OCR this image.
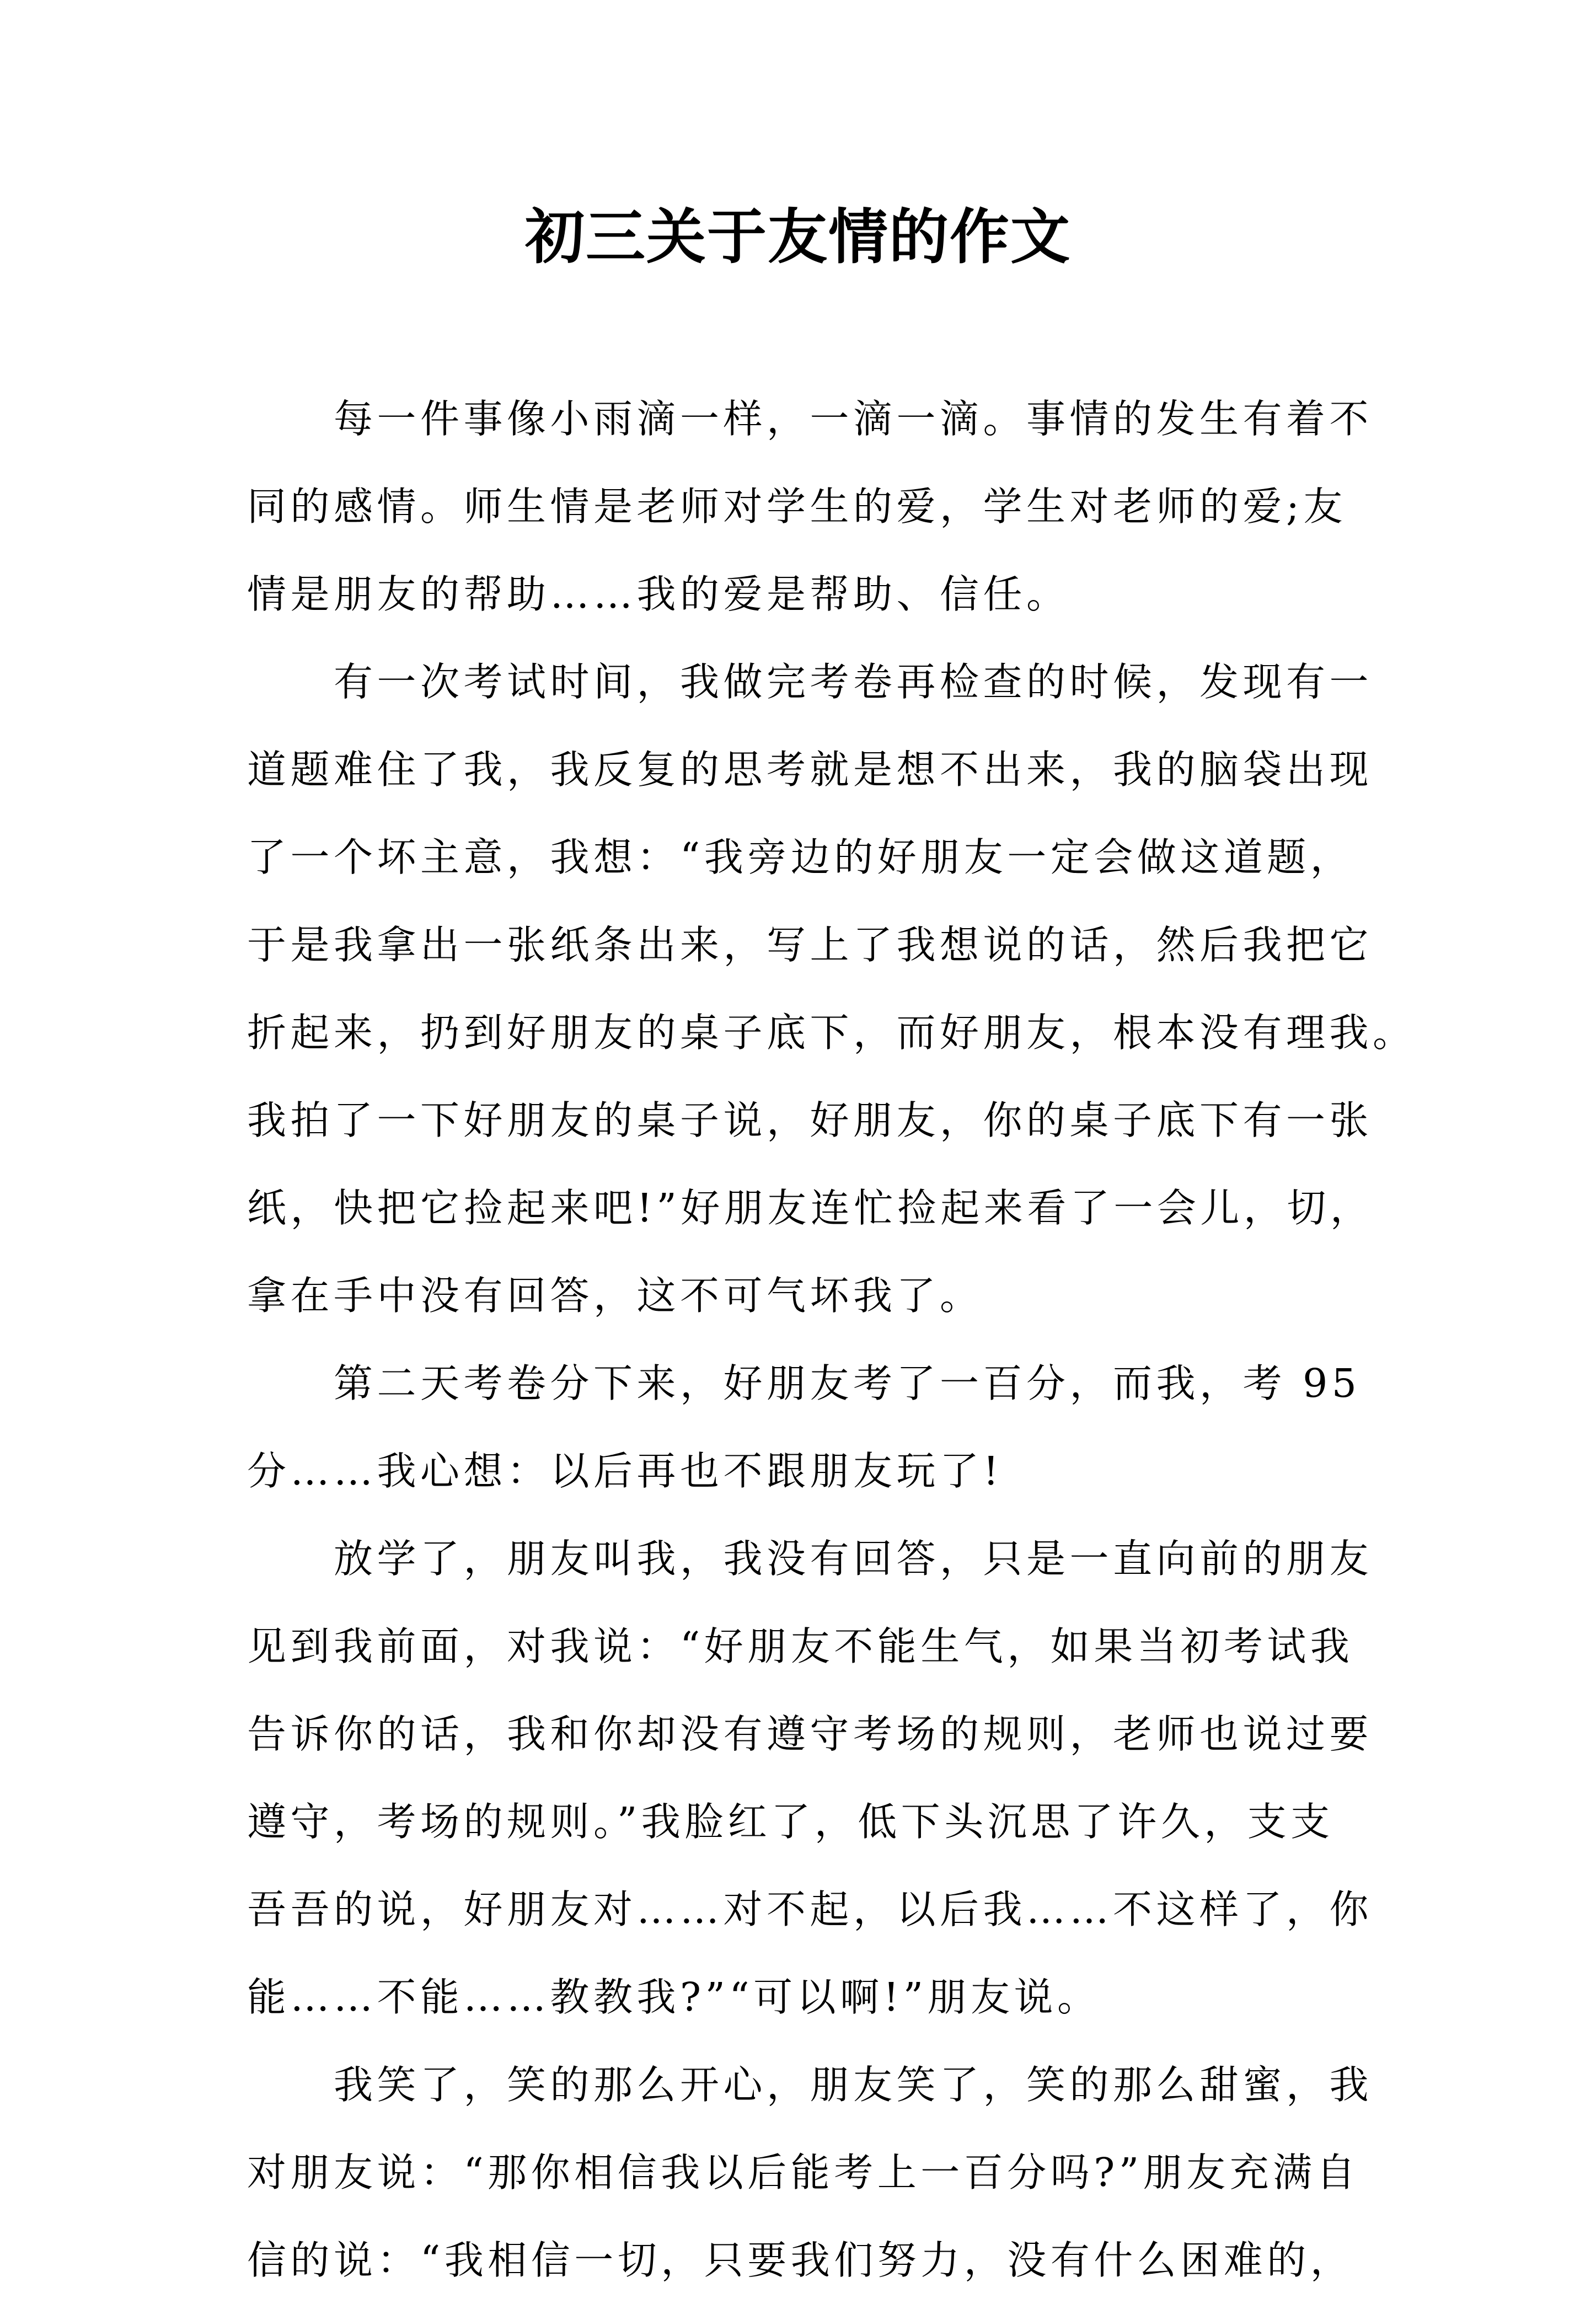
初三关于友情的作文
　　每一件事像小雨滴一样，一滴一滴。事情的发生有着不
同的感情。师生情是老师对学生的爱，学生对老师的爱;友
情是朋友的帮助……我的爱是帮助、信任。
　　有一次考试时间，我做完考卷再检查的时候，发现有一
道题难住了我，我反复的思考就是想不出来，我的脑袋出现
了一个坏主意，我想：“我旁边的好朋友一定会做这道题，
于是我拿出一张纸条出来，写上了我想说的话，然后我把它
折起来，扔到好朋友的桌子底下，而好朋友，根本没有理我。
我拍了一下好朋友的桌子说，好朋友，你的桌子底下有一张
纸，快把它捡起来吧!”好朋友连忙捡起来看了一会儿，切，
拿在手中没有回答，这不可气坏我了。
　　第二天考卷分下来，好朋友考了一百分，而我，考 95
分……我心想：以后再也不跟朋友玩了!
　　放学了，朋友叫我，我没有回答，只是一直向前的朋友
见到我前面，对我说：“好朋友不能生气，如果当初考试我
告诉你的话，我和你却没有遵守考场的规则，老师也说过要
遵守，考场的规则。”我脸红了，低下头沉思了许久，支支
吾吾的说，好朋友对……对不起，以后我……不这样了，你
能……不能……教教我?”“可以啊!”朋友说。
　　我笑了，笑的那么开心，朋友笑了，笑的那么甜蜜，我
对朋友说：“那你相信我以后能考上一百分吗?”朋友充满自
信的说：“我相信一切，只要我们努力，没有什么困难的，
